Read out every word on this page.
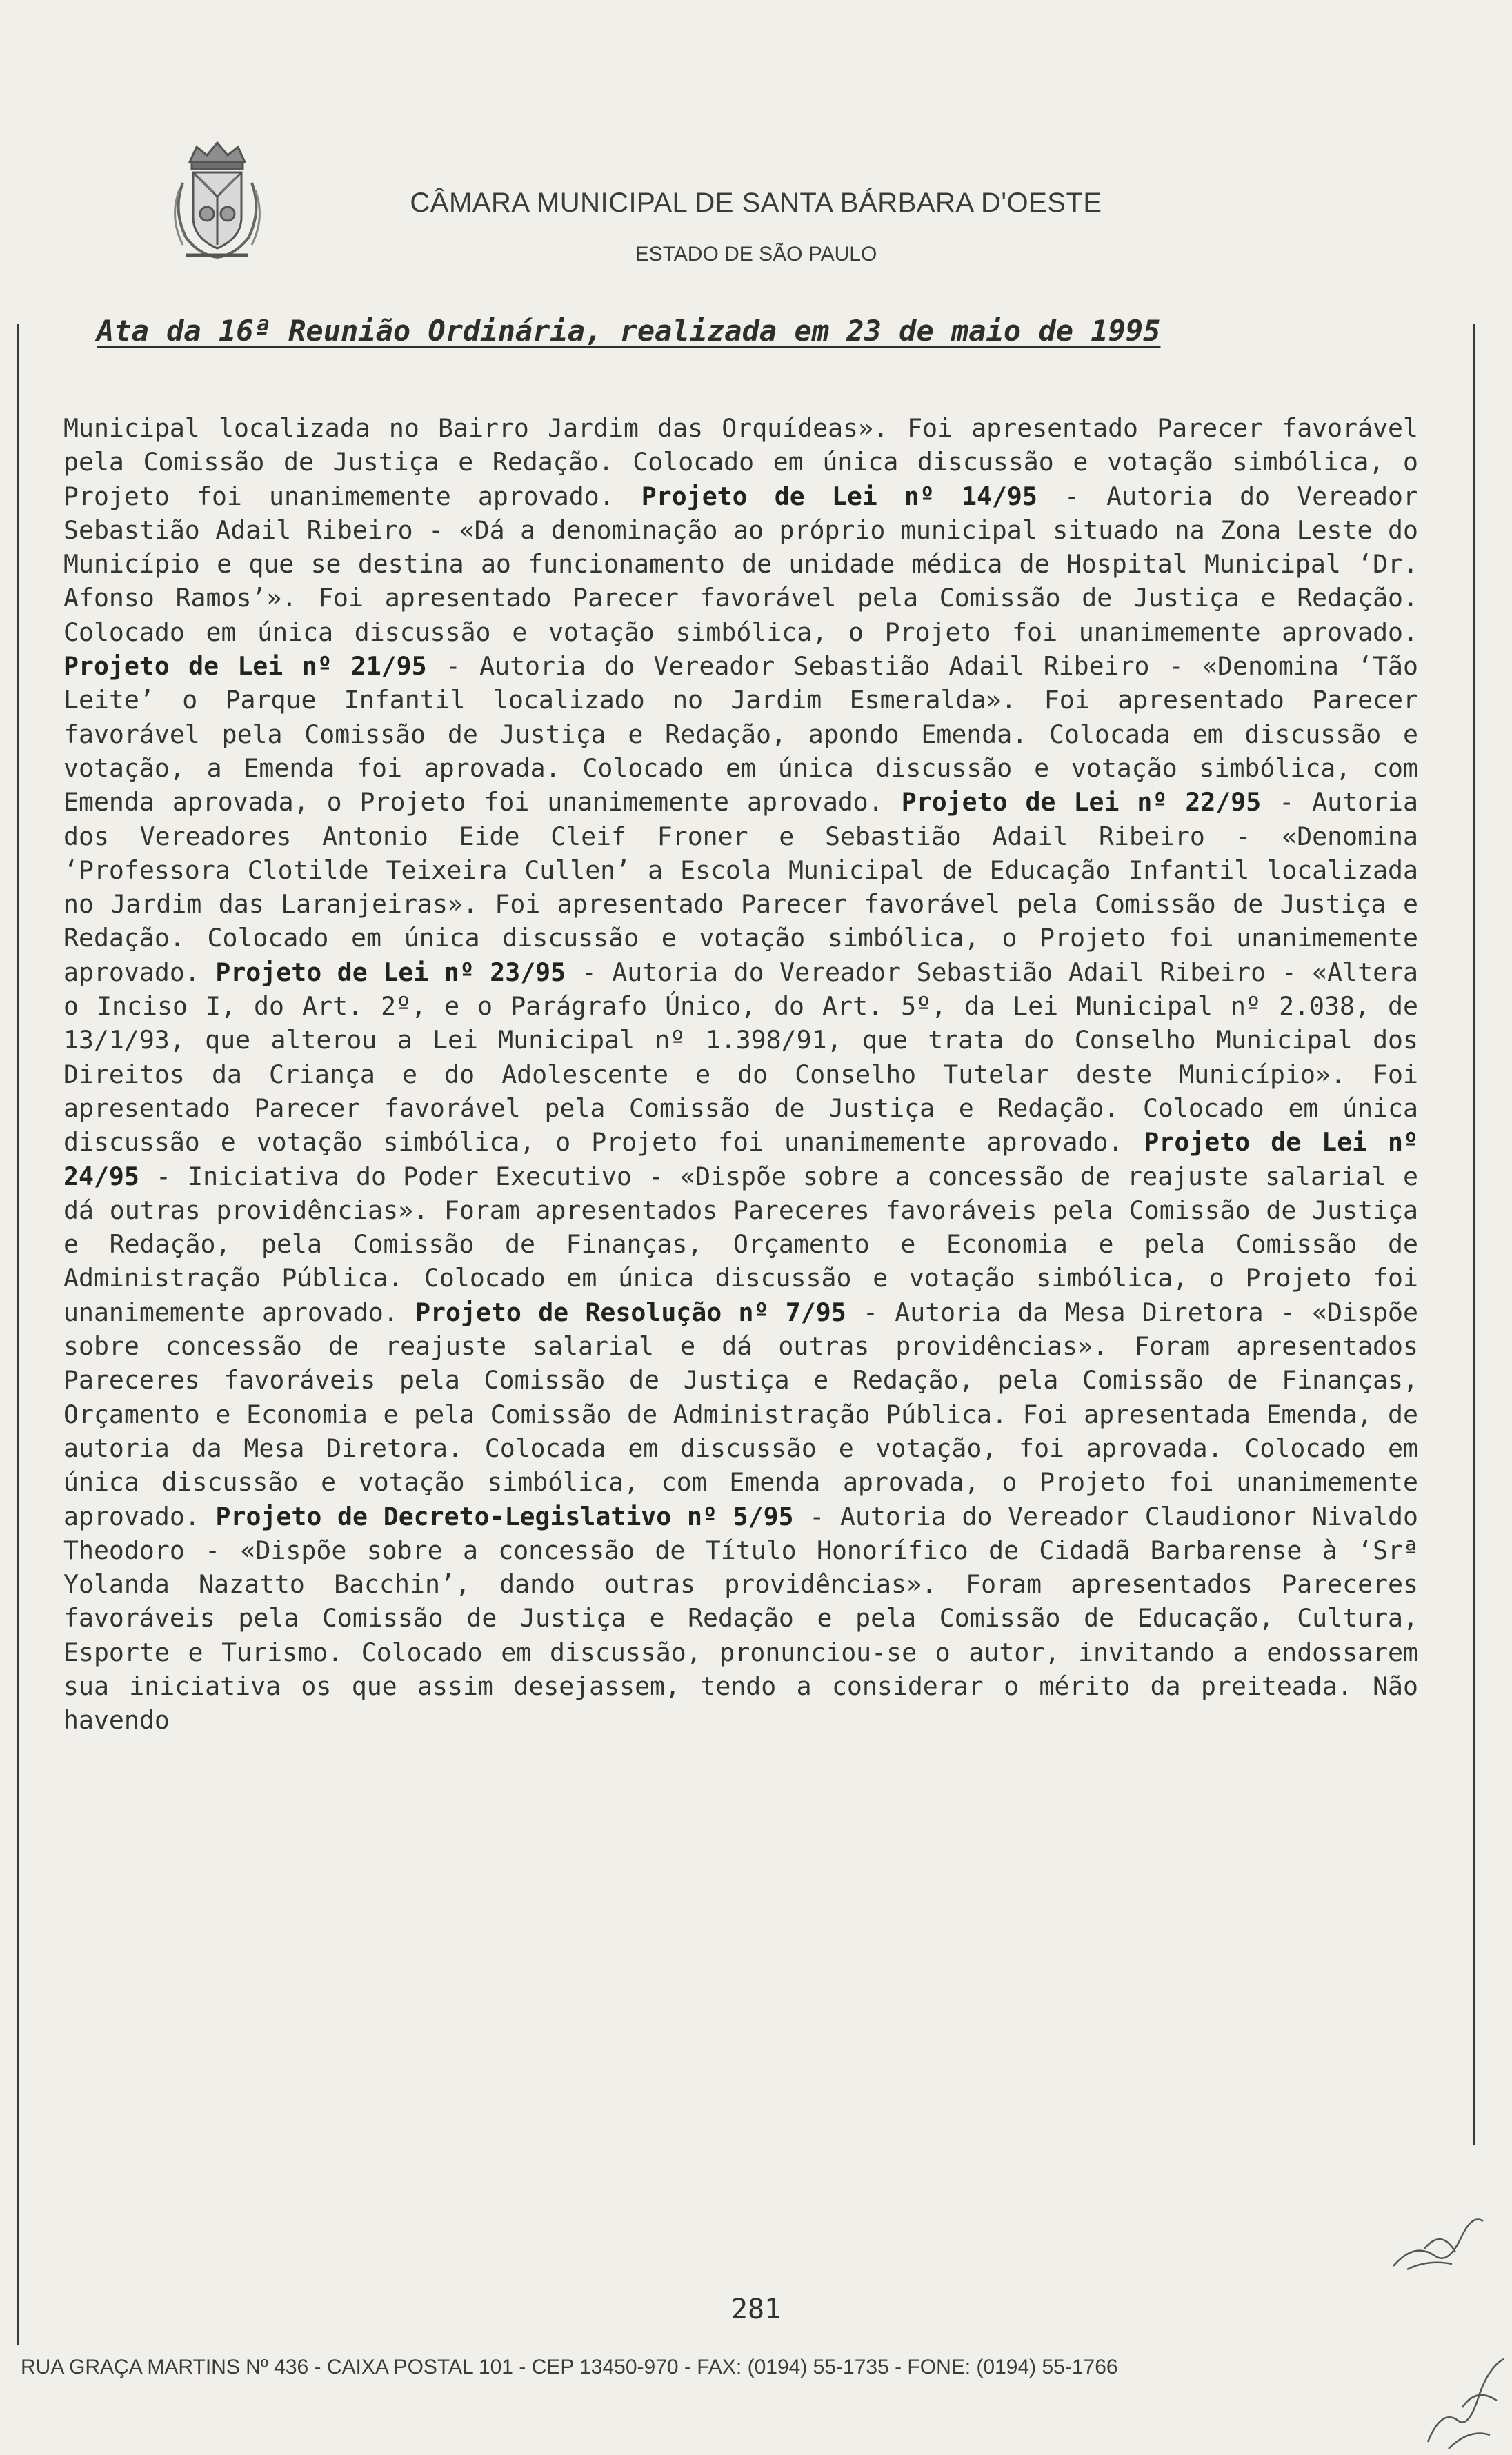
CÂMARA MUNICIPAL DE SANTA BÁRBARA D'OESTE
ESTADO DE SÃO PAULO
Ata da 16ª Reunião Ordinária, realizada em 23 de maio de 1995

Municipal localizada no Bairro Jardim das Orquídeas». Foi apresentado Parecer favorável pela Comissão de Justiça e Redação. Colocado em única discussão e votação simbólica, o Projeto foi unanimemente aprovado. Projeto de Lei nº 14/95 - Autoria do Vereador Sebastião Adail Ribeiro - «Dá a denominação ao próprio municipal situado na Zona Leste do Município e que se destina ao funcionamento de unidade médica de Hospital Municipal ‘Dr. Afonso Ramos’». Foi apresentado Parecer favorável pela Comissão de Justiça e Redação. Colocado em única discussão e votação simbólica, o Projeto foi unanimemente aprovado. Projeto de Lei nº 21/95 - Autoria do Vereador Sebastião Adail Ribeiro - «Denomina ‘Tão Leite’ o Parque Infantil localizado no Jardim Esmeralda». Foi apresentado Parecer favorável pela Comissão de Justiça e Redação, apondo Emenda. Colocada em discussão e votação, a Emenda foi aprovada. Colocado em única discussão e votação simbólica, com Emenda aprovada, o Projeto foi unanimemente aprovado. Projeto de Lei nº 22/95 - Autoria dos Vereadores Antonio Eide Cleif Froner e Sebastião Adail Ribeiro - «Denomina ‘Professora Clotilde Teixeira Cullen’ a Escola Municipal de Educação Infantil localizada no Jardim das Laranjeiras». Foi apresentado Parecer favorável pela Comissão de Justiça e Redação. Colocado em única discussão e votação simbólica, o Projeto foi unanimemente aprovado. Projeto de Lei nº 23/95 - Autoria do Vereador Sebastião Adail Ribeiro - «Altera o Inciso I, do Art. 2º, e o Parágrafo Único, do Art. 5º, da Lei Municipal nº 2.038, de 13/1/93, que alterou a Lei Municipal nº 1.398/91, que trata do Conselho Municipal dos Direitos da Criança e do Adolescente e do Conselho Tutelar deste Município». Foi apresentado Parecer favorável pela Comissão de Justiça e Redação. Colocado em única discussão e votação simbólica, o Projeto foi unanimemente aprovado. Projeto de Lei nº 24/95 - Iniciativa do Poder Executivo - «Dispõe sobre a concessão de reajuste salarial e dá outras providências». Foram apresentados Pareceres favoráveis pela Comissão de Justiça e Redação, pela Comissão de Finanças, Orçamento e Economia e pela Comissão de Administração Pública. Colocado em única discussão e votação simbólica, o Projeto foi unanimemente aprovado. Projeto de Resolução nº 7/95 - Autoria da Mesa Diretora - «Dispõe sobre concessão de reajuste salarial e dá outras providências». Foram apresentados Pareceres favoráveis pela Comissão de Justiça e Redação, pela Comissão de Finanças, Orçamento e Economia e pela Comissão de Administração Pública. Foi apresentada Emenda, de autoria da Mesa Diretora. Colocada em discussão e votação, foi aprovada. Colocado em única discussão e votação simbólica, com Emenda aprovada, o Projeto foi unanimemente aprovado. Projeto de Decreto-Legislativo nº 5/95 - Autoria do Vereador Claudionor Nivaldo Theodoro - «Dispõe sobre a concessão de Título Honorífico de Cidadã Barbarense à ‘Srª Yolanda Nazatto Bacchin’, dando outras providências». Foram apresentados Pareceres favoráveis pela Comissão de Justiça e Redação e pela Comissão de Educação, Cultura, Esporte e Turismo. Colocado em discussão, pronunciou-se o autor, invitando a endossarem sua iniciativa os que assim desejassem, tendo a considerar o mérito da preiteada. Não havendo

281
RUA GRAÇA MARTINS Nº 436 - CAIXA POSTAL 101 - CEP 13450-970 - FAX: (0194) 55-1735 - FONE: (0194) 55-1766
